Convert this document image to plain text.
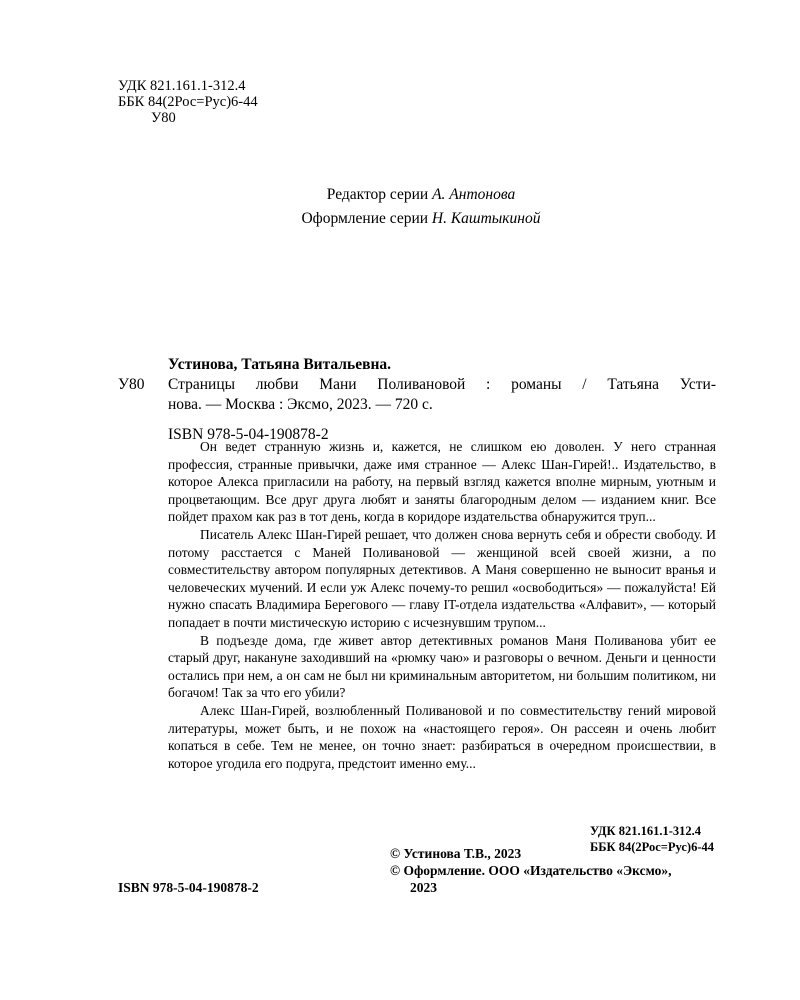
УДК 821.161.1-312.4
ББК 84(2Рос=Рус)6-44
У80
Редактор серии А. Антонова
Оформление серии Н. Каштыкиной
У80
Устинова, Татьяна Витальевна.
Страницы любви Мани Поливановой : романы / Татьяна Усти-
нова. — Москва : Эксмо, 2023. — 720 с.
ISBN 978-5-04-190878-2

Он ведет странную жизнь и, кажется, не слишком ею доволен. У него странная профессия, странные привычки, даже имя странное — Алекс Шан-Гирей!.. Издательство, в которое Алекса пригласили на работу, на первый взгляд кажется вполне мирным, уютным и процветающим. Все друг друга любят и заняты благородным делом — изданием книг. Все пойдет прахом как раз в тот день, когда в коридоре издательства обнаружится труп...

Писатель Алекс Шан-Гирей решает, что должен снова вернуть себя и обрести свободу. И потому расстается с Маней Поливановой — женщиной всей своей жизни, а по совместительству автором популярных детективов. А Маня совершенно не выносит вранья и человеческих мучений. И если уж Алекс почему-то решил «освободиться» — пожалуйста! Ей нужно спасать Владимира Берегового — главу IT-отдела издательства «Алфавит», — который попадает в почти мистическую историю с исчезнувшим трупом...

В подъезде дома, где живет автор детективных романов Маня Поливанова убит ее старый друг, накануне заходивший на «рюмку чаю» и разговоры о вечном. Деньги и ценности остались при нем, а он сам не был ни криминальным авторитетом, ни большим политиком, ни богачом! Так за что его убили?

Алекс Шан-Гирей, возлюбленный Поливановой и по совместительству гений мировой литературы, может быть, и не похож на «настоящего героя». Он рассеян и очень любит копаться в себе. Тем не менее, он точно знает: разбираться в очередном происшествии, в которое угодила его подруга, предстоит именно ему...

УДК 821.161.1-312.4
ББК 84(2Рос=Рус)6-44
© Устинова Т.В., 2023
© Оформление. ООО «Издательство «Эксмо»,
2023
ISBN 978-5-04-190878-2
